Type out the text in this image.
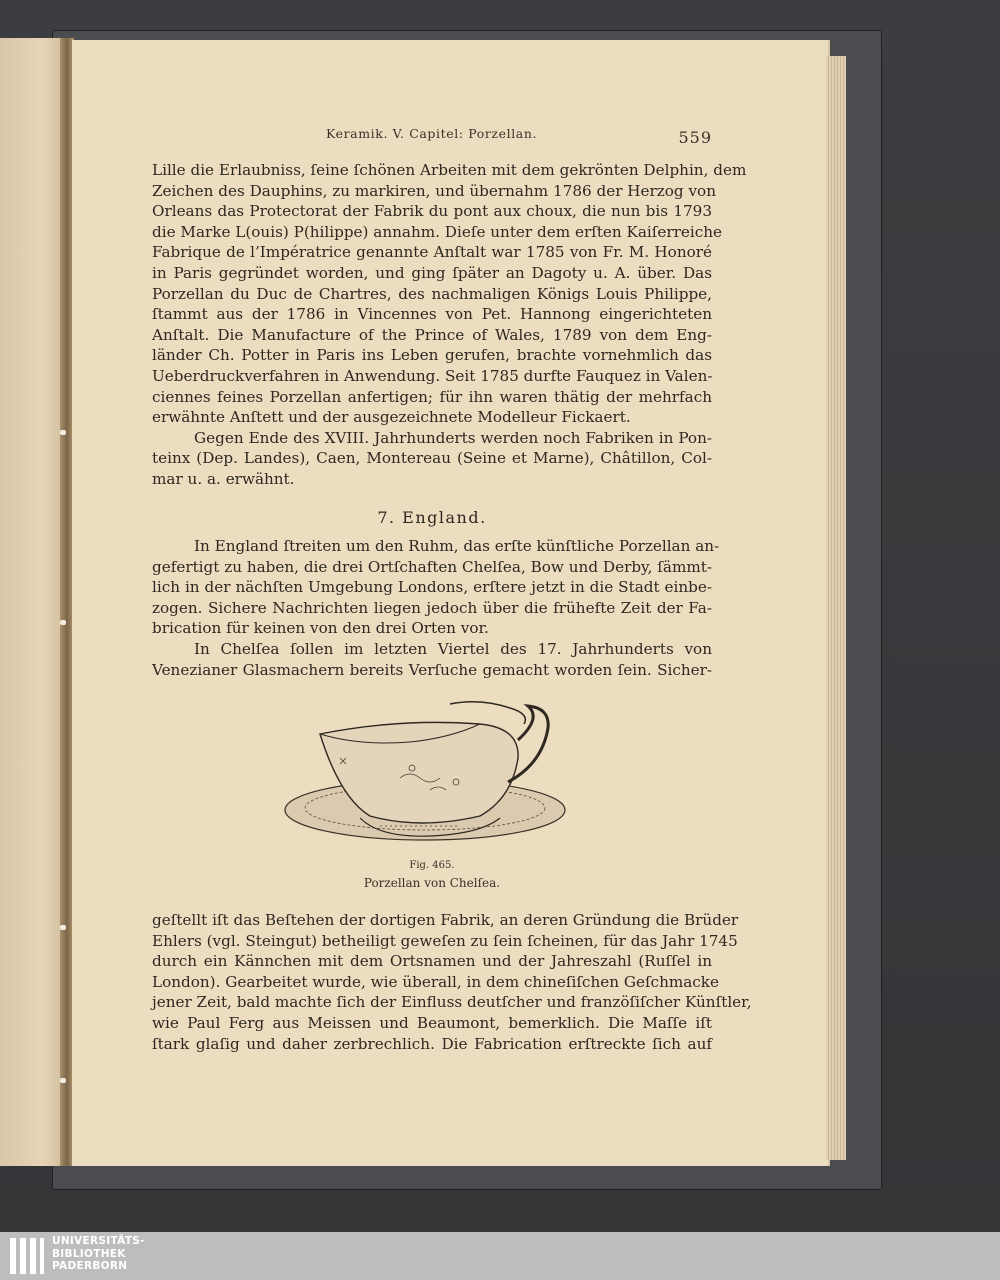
Keramik. V. Capitel: Porzellan.	559
Lille die Erlaubniss, ſeine ſchönen Arbeiten mit dem gekrönten Delphin, dem
Zeichen des Dauphins, zu markiren, und übernahm 1786 der Herzog von
Orleans das Protectorat der Fabrik du pont aux choux, die nun bis 1793
die Marke L(ouis) P(hilippe) annahm. Dieſe unter dem erſten Kaiſerreiche
Fabrique de l’Impératrice genannte Anſtalt war 1785 von Fr. M. Honoré
in Paris gegründet worden, und ging ſpäter an Dagoty u. A. über. Das
Porzellan du Duc de Chartres, des nachmaligen Königs Louis Philippe,
ſtammt aus der 1786 in Vincennes von Pet. Hannong eingerichteten
Anſtalt. Die Manufacture of the Prince of Wales, 1789 von dem Eng-
länder Ch. Potter in Paris ins Leben gerufen, brachte vornehmlich das
Ueberdruckverfahren in Anwendung. Seit 1785 durfte Fauquez in Valen-
ciennes feines Porzellan anfertigen; für ihn waren thätig der mehrfach
erwähnte Anſtett und der ausgezeichnete Modelleur Fickaert.
Gegen Ende des XVIII. Jahrhunderts werden noch Fabriken in Pon-
teinx (Dep. Landes), Caen, Montereau (Seine et Marne), Châtillon, Col-
mar u. a. erwähnt.
7. England.
In England ſtreiten um den Ruhm, das erſte künſtliche Porzellan an-
gefertigt zu haben, die drei Ortſchaften Chelſea, Bow und Derby, ſämmt-
lich in der nächſten Umgebung Londons, erſtere jetzt in die Stadt einbe-
zogen. Sichere Nachrichten liegen jedoch über die frühefte Zeit der Fa-
brication für keinen von den drei Orten vor.
In Chelſea ſollen im letzten Viertel des 17. Jahrhunderts von
Venezianer Glasmachern bereits Verſuche gemacht worden ſein. Sicher-
Fig. 465.
Porzellan von Chelſea.
geſtellt iſt das Beſtehen der dortigen Fabrik, an deren Gründung die Brüder
Ehlers (vgl. Steingut) betheiligt geweſen zu ſein ſcheinen, für das Jahr 1745
durch ein Kännchen mit dem Ortsnamen und der Jahreszahl (Ruſſel in
London). Gearbeitet wurde, wie überall, in dem chineſiſchen Geſchmacke
jener Zeit, bald machte ſich der Einfluss deutſcher und franzöſiſcher Künſtler,
wie Paul Ferg aus Meissen und Beaumont, bemerklich. Die Maſſe iſt
ſtark glaſig und daher zerbrechlich. Die Fabrication erſtreckte ſich auf
UNIVERSITÄTS-
BIBLIOTHEK
PADERBORN
